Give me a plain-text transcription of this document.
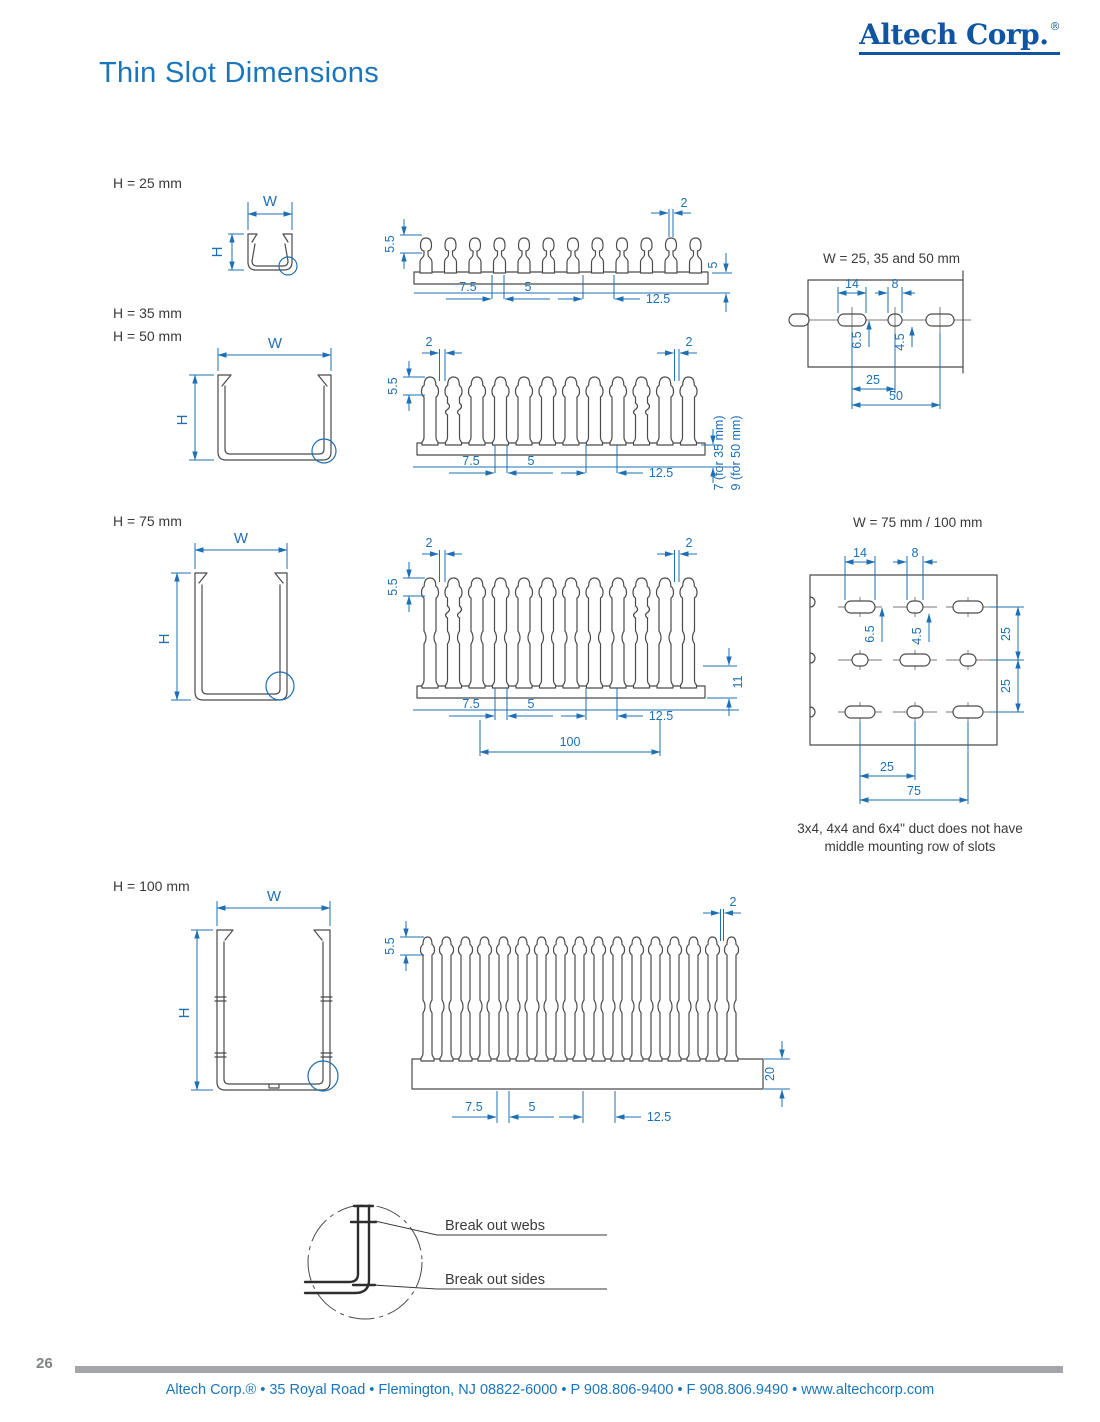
Altech Corp.®
Thin Slot Dimensions
H = 25 mm
H = 35 mm
H = 50 mm
H = 75 mm
H = 100 mm
W
H	5.5
2
5
7.5	5
12.5
W = 25, 35 and 50 mm
14	8
6.5 4.5
25
50
W
H
5.5
2	2
7.5	5
12.5	7 (for 35 mm) 9 (for 50 mm)
W
H
5.5
2	2
11
7.5	5
12.5
100
W = 75 mm / 100 mm
14	8
6.5	4.5	25
25
25
75
3x4, 4x4 and 6x4" duct does not have
middle mounting row of slots
W
H
5.5
2
20
7.5	5
12.5
Break out webs
Break out sides
26
Altech Corp.® • 35 Royal Road • Flemington, NJ 08822-6000 • P 908.806-9400 • F 908.806.9490 • www.altechcorp.com
